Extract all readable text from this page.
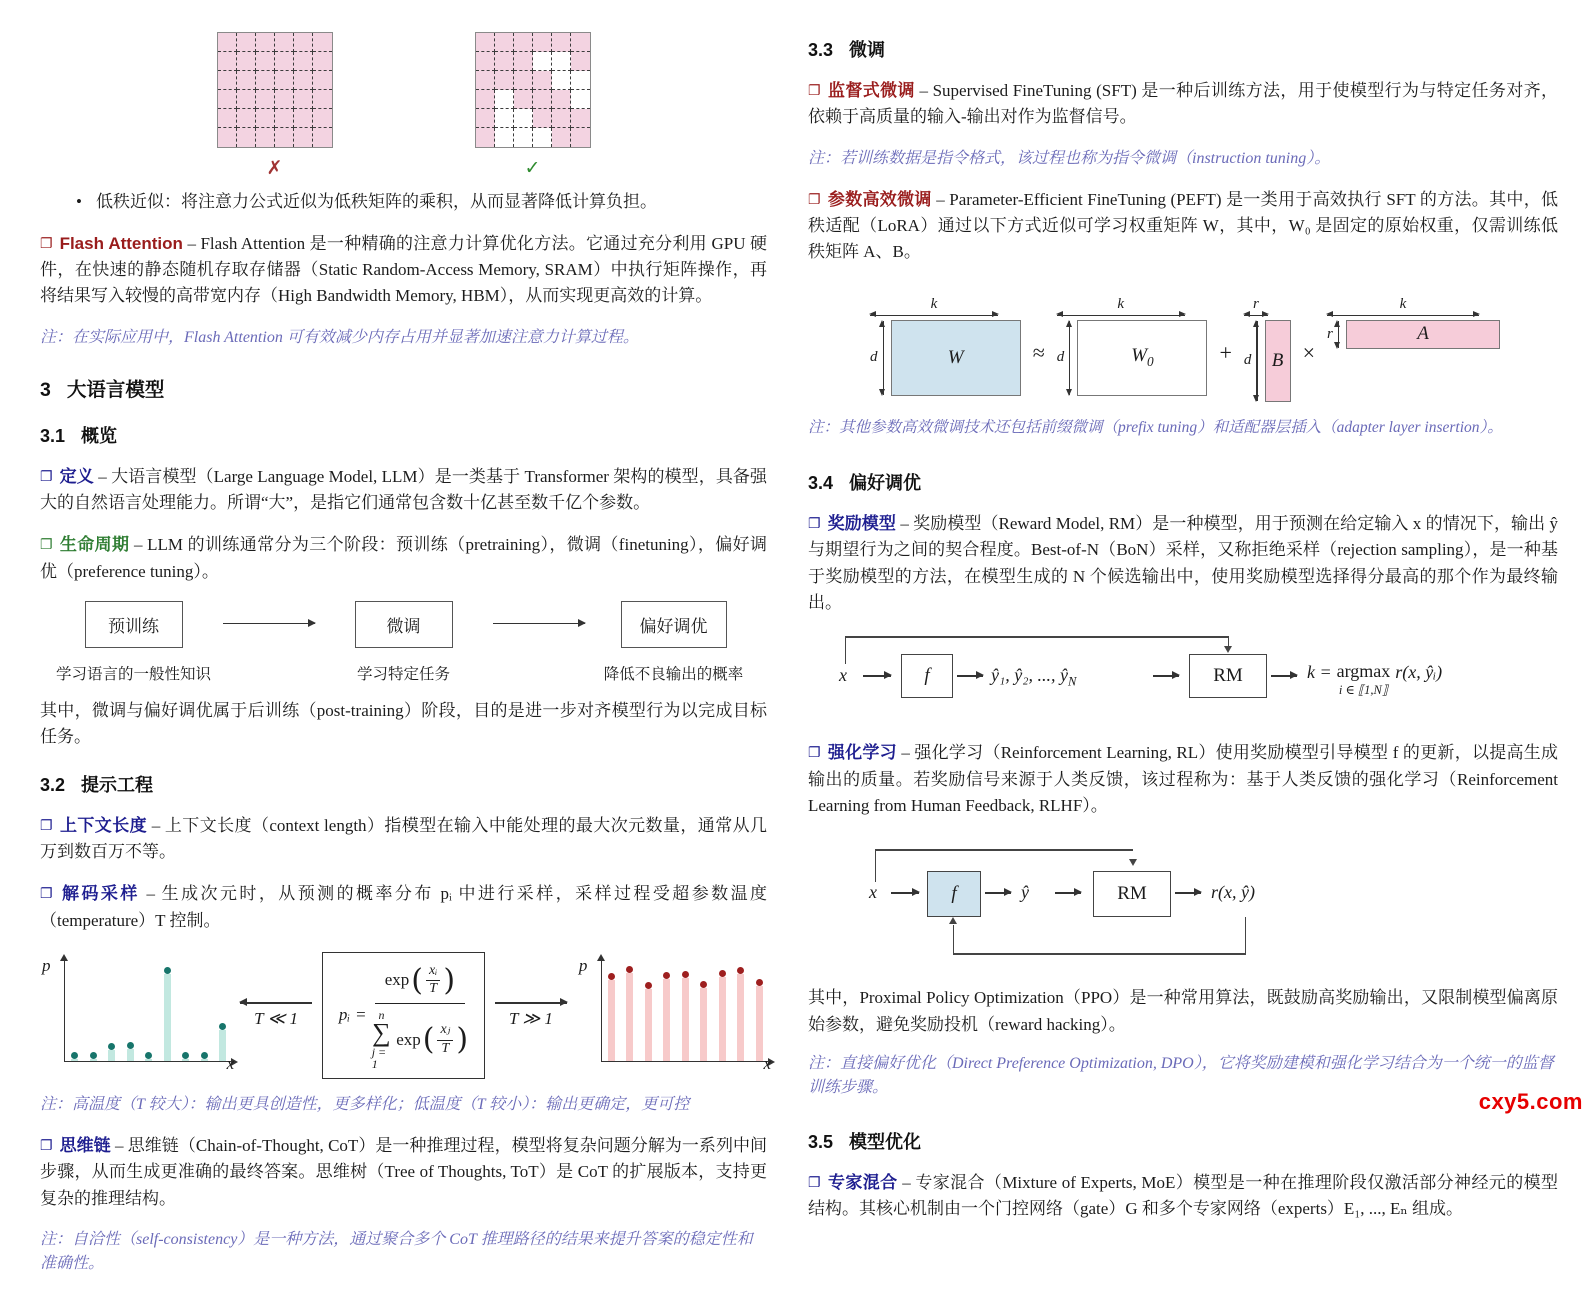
✗	✓
• 低秩近似：将注意力公式近似为低秩矩阵的乘积，从而显著降低计算负担。
❐ Flash Attention – Flash Attention 是一种精确的注意力计算优化方法。它通过充分利用 GPU 硬件，在快速的静态随机存取存储器（Static Random-Access Memory, SRAM）中执行矩阵操作，再将结果写入较慢的高带宽内存（High Bandwidth Memory, HBM），从而实现更高效的计算。
注：在实际应用中，Flash Attention 可有效减少内存占用并显著加速注意力计算过程。
3 大语言模型
3.1 概览
❐ 定义 – 大语言模型（Large Language Model, LLM）是一类基于 Transformer 架构的模型，具备强大的自然语言处理能力。所谓“大”，是指它们通常包含数十亿甚至数千亿个参数。
❐ 生命周期 – LLM 的训练通常分为三个阶段：预训练（pretraining），微调（finetuning），偏好调优（preference tuning）。
预训练
学习语言的一般性知识
微调
学习特定任务
偏好调优
降低不良输出的概率
其中，微调与偏好调优属于后训练（post-training）阶段，目的是进一步对齐模型行为以完成目标任务。
3.2 提示工程
❐ 上下文长度 – 上下文长度（context length）指模型在输入中能处理的最大次元数量，通常从几万到数百万不等。
❐ 解码采样 – 生成次元时，从预测的概率分布 pᵢ 中进行采样，采样过程受超参数温度（temperature）T 控制。
p
x
T ≪ 1 pᵢ =
exp ( xᵢ
T )
n
∑
j = 1
exp ( xⱼ
T )
T ≫ 1
p
x
注：高温度（T 较大）：输出更具创造性，更多样化；低温度（T 较小）：输出更确定，更可控
❐ 思维链 – 思维链（Chain-of-Thought, CoT）是一种推理过程，模型将复杂问题分解为一系列中间步骤，从而生成更准确的最终答案。思维树（Tree of Thoughts, ToT）是 CoT 的扩展版本，支持更复杂的推理结构。
注：自洽性（self-consistency）是一种方法，通过聚合多个 CoT 推理路径的结果来提升答案的稳定性和准确性。
3.3 微调
❐ 监督式微调 – Supervised FineTuning (SFT) 是一种后训练方法，用于使模型行为与特定任务对齐，依赖于高质量的输入-输出对作为监督信号。
注：若训练数据是指令格式，该过程也称为指令微调（instruction tuning）。
❐ 参数高效微调 – Parameter-Efficient FineTuning (PEFT) 是一类用于高效执行 SFT 的方法。其中，低秩适配（LoRA）通过以下方式近似可学习权重矩阵 W，其中，W₀ 是固定的原始权重，仅需训练低秩矩阵 A、B。
k
d	W	≈
k
d	$W_0$	+
r
d B ×
k
r	A
注：其他参数高效微调技术还包括前缀微调（prefix tuning）和适配器层插入（adapter layer insertion）。
3.4 偏好调优
❐ 奖励模型 – 奖励模型（Reward Model, RM）是一种模型，用于预测在给定输入 x 的情况下，输出 ŷ 与期望行为之间的契合程度。Best-of-N（BoN）采样，又称拒绝采样（rejection sampling），是一种基于奖励模型的方法，在模型生成的 N 个候选输出中，使用奖励模型选择得分最高的那个作为最终输出。
x	f	ŷ₁, ŷ₂, ..., $ŷ_N$	RM	k = argmax
i ∈ ⟦1,N⟧
r(x, ŷᵢ)
❐ 强化学习 – 强化学习（Reinforcement Learning, RL）使用奖励模型引导模型 f 的更新，以提高生成输出的质量。若奖励信号来源于人类反馈，该过程称为：基于人类反馈的强化学习（Reinforcement Learning from Human Feedback, RLHF）。
x	f	ŷ	RM	r(x, ŷ)
其中，Proximal Policy Optimization（PPO）是一种常用算法，既鼓励高奖励输出，又限制模型偏离原始参数，避免奖励投机（reward hacking）。
注：直接偏好优化（Direct Preference Optimization, DPO），它将奖励建模和强化学习结合为一个统一的监督训练步骤。
3.5 模型优化
❐ 专家混合 – 专家混合（Mixture of Experts, MoE）模型是一种在推理阶段仅激活部分神经元的模型结构。其核心机制由一个门控网络（gate）G 和多个专家网络（experts）E₁, ..., Eₙ 组成。
cxy5.com
